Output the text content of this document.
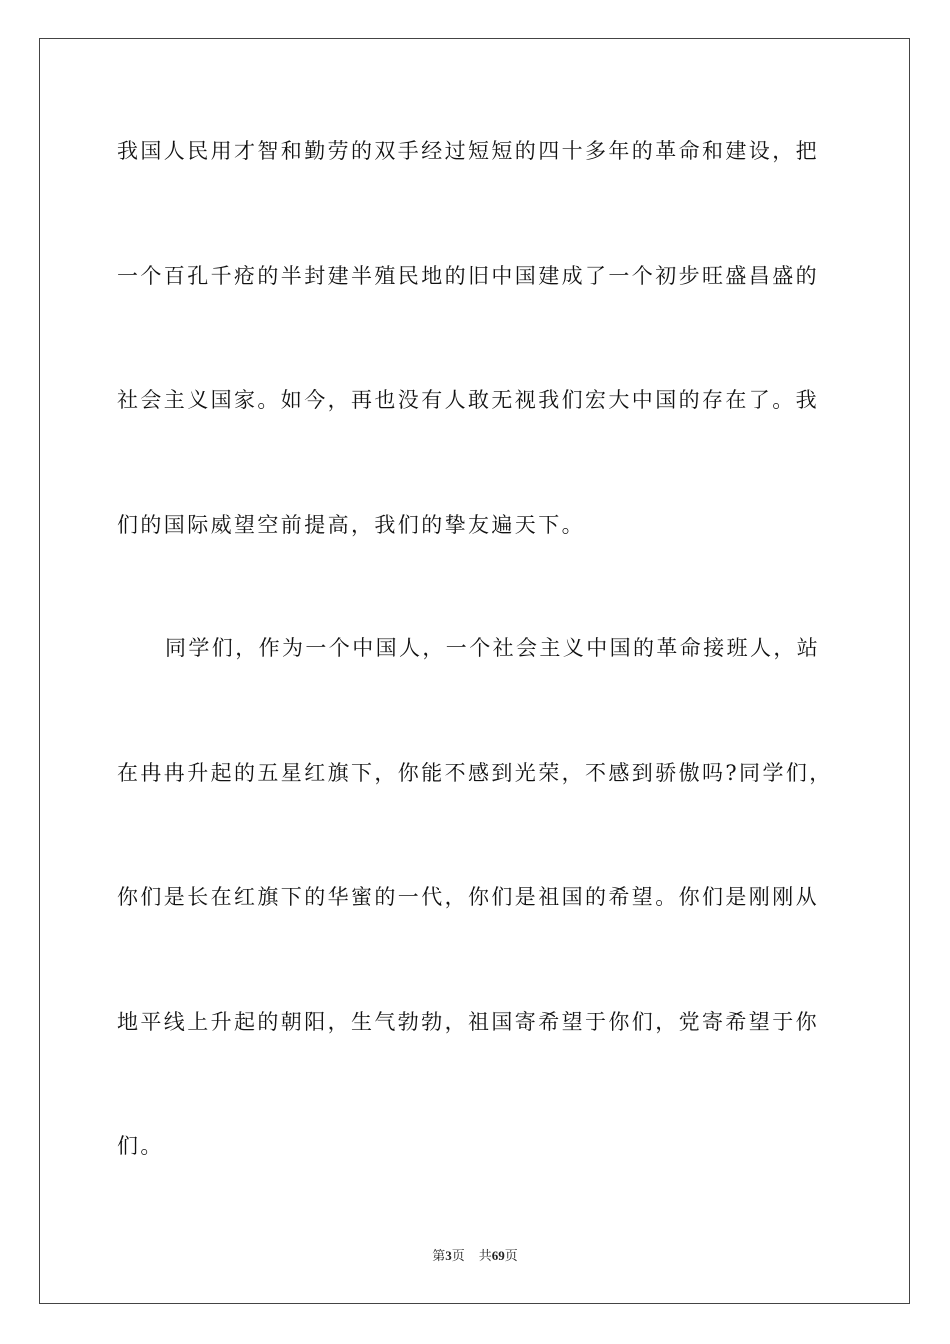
我国人民用才智和勤劳的双手经过短短的四十多年的革命和建设，把
一个百孔千疮的半封建半殖民地的旧中国建成了一个初步旺盛昌盛的
社会主义国家。如今，再也没有人敢无视我们宏大中国的存在了。我
们的国际威望空前提高，我们的挚友遍天下。
同学们，作为一个中国人，一个社会主义中国的革命接班人，站
在冉冉升起的五星红旗下，你能不感到光荣，不感到骄傲吗?同学们，
你们是长在红旗下的华蜜的一代，你们是祖国的希望。你们是刚刚从
地平线上升起的朝阳，生气勃勃，祖国寄希望于你们，党寄希望于你
们。
第3页 共69页
